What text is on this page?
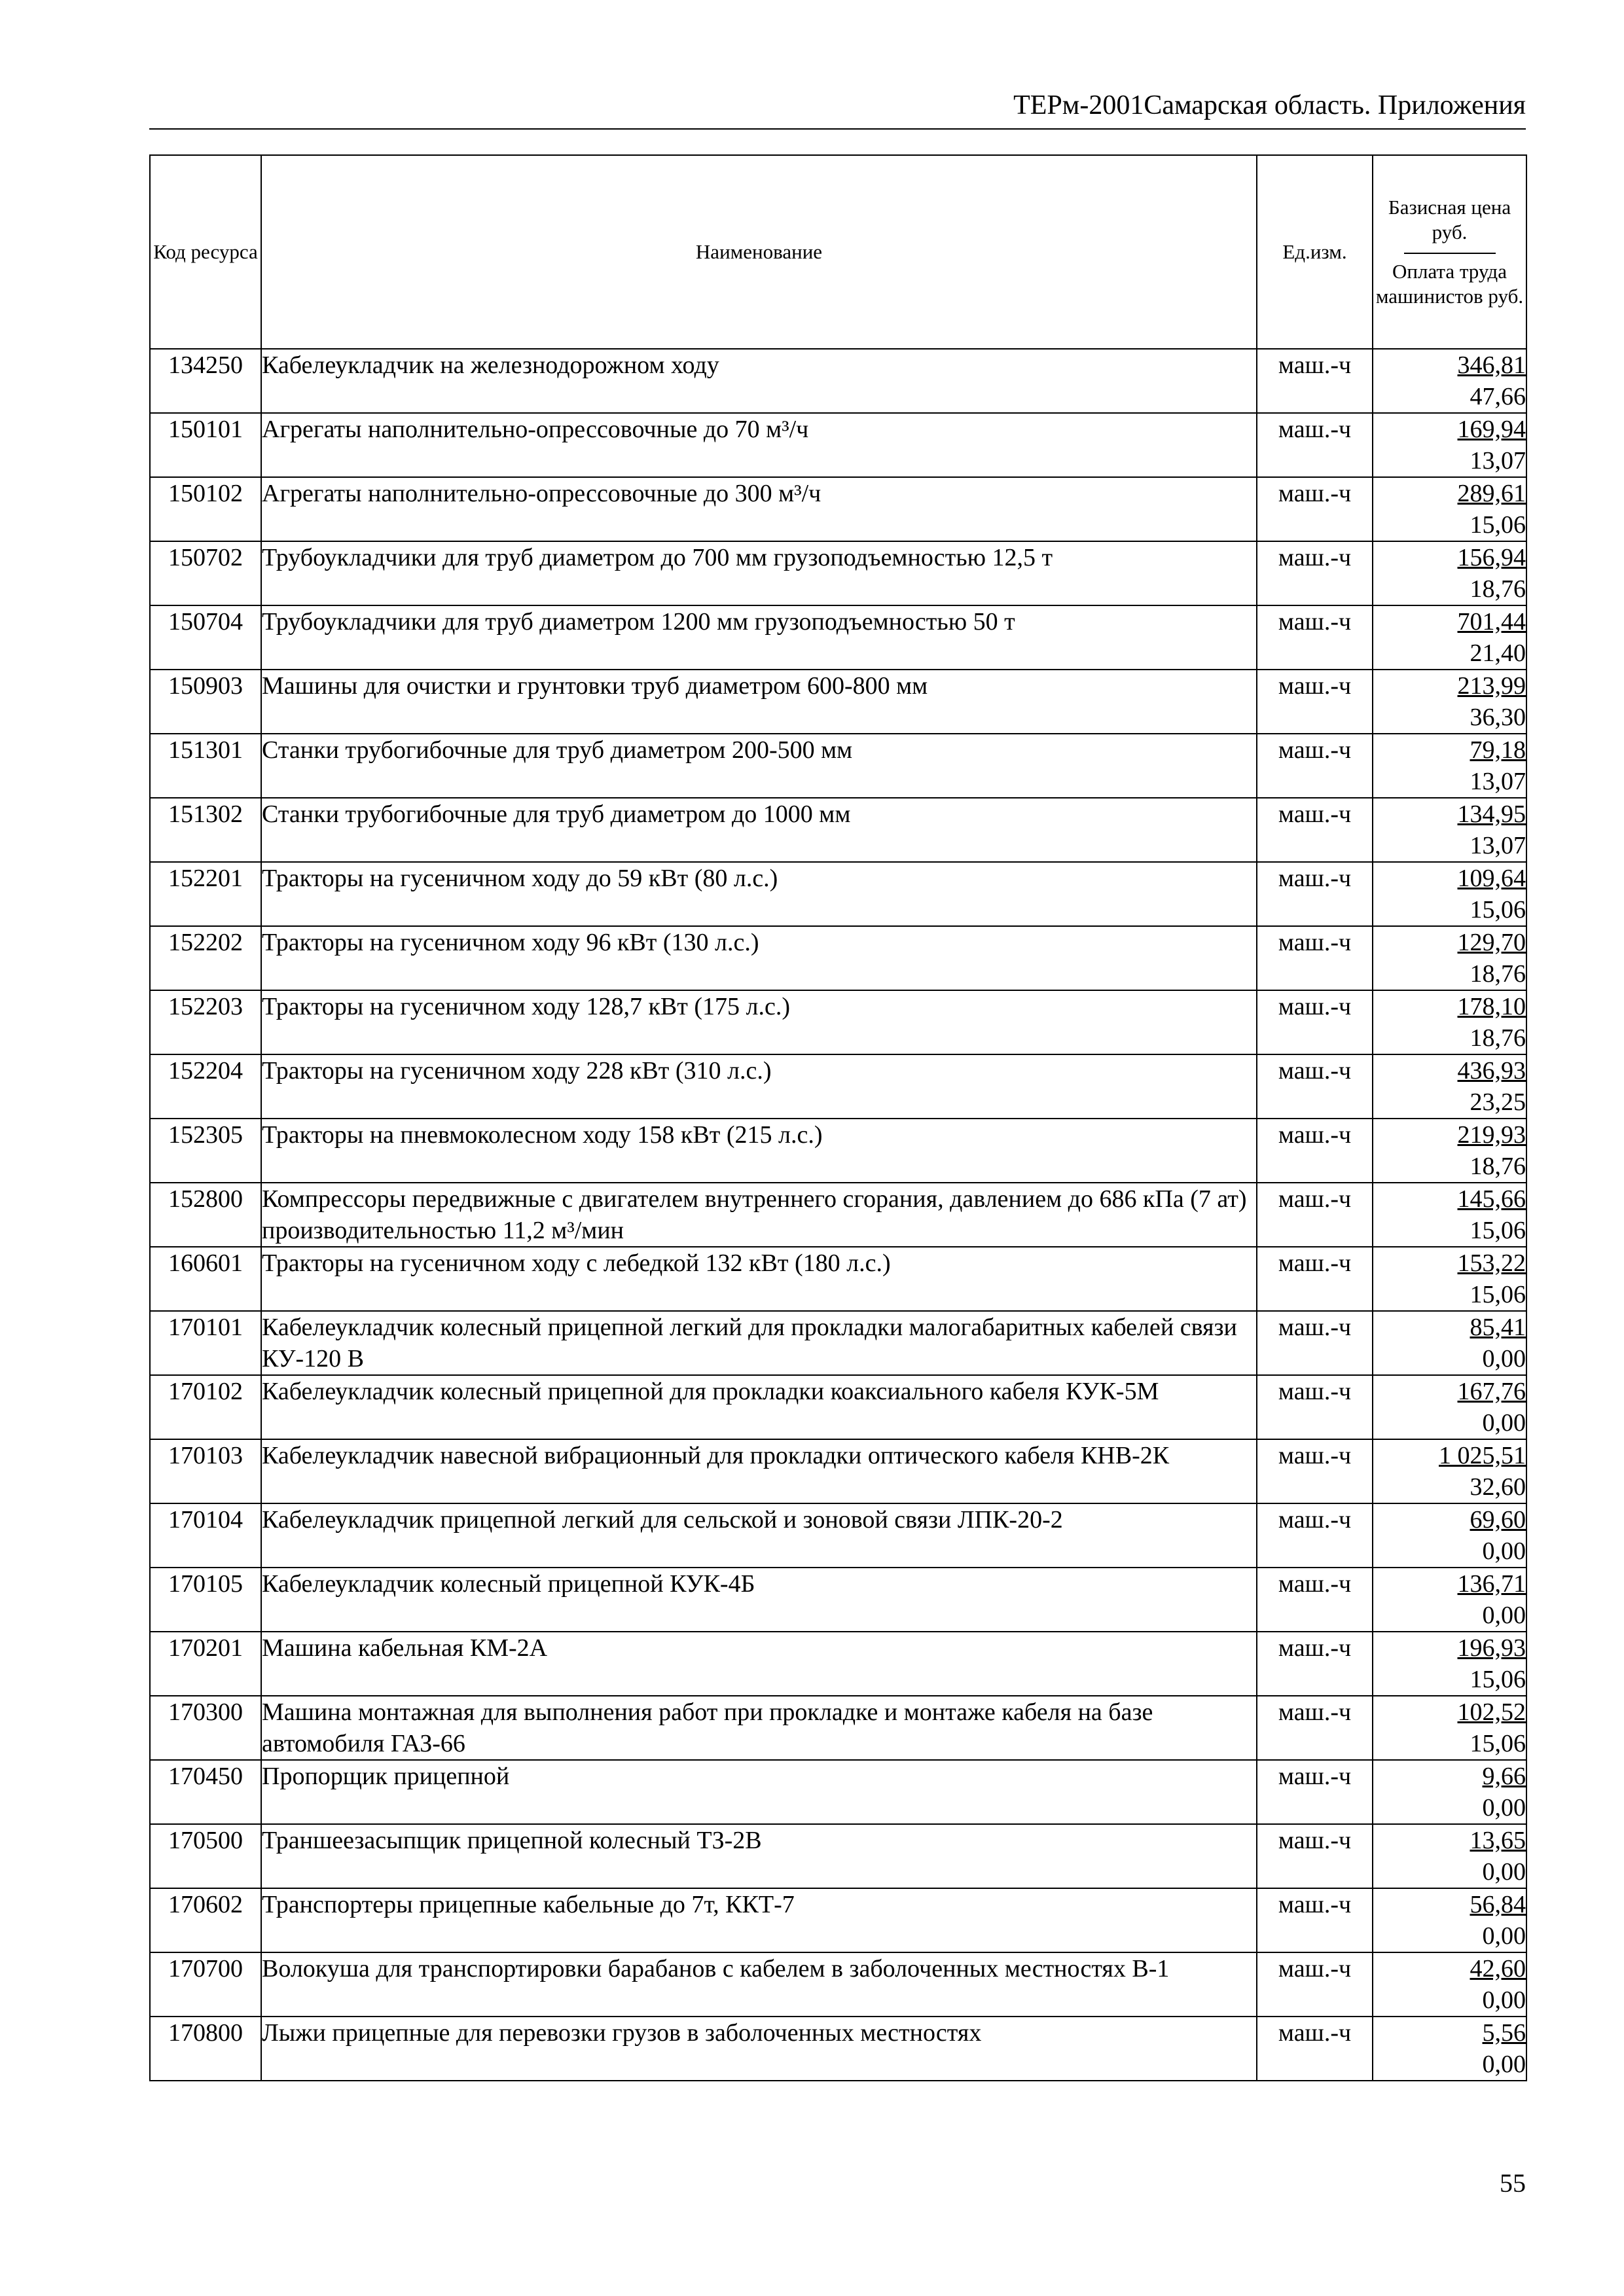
ТЕРм-2001Самарская область. Приложения
Код ресурса	Наименование	Ед.изм.	Базисная цена руб.
Оплата труда машинистов руб.

134250	Кабелеукладчик на железнодорожном ходу	маш.-ч	346,81
47,66

150101	Агрегаты наполнительно-опрессовочные до 70 м³/ч	маш.-ч	169,94
13,07

150102	Агрегаты наполнительно-опрессовочные до 300 м³/ч	маш.-ч	289,61
15,06

150702	Трубоукладчики для труб диаметром до 700 мм грузоподъемностью 12,5 т	маш.-ч	156,94
18,76

150704	Трубоукладчики для труб диаметром 1200 мм грузоподъемностью 50 т	маш.-ч	701,44
21,40

150903	Машины для очистки и грунтовки труб диаметром 600-800 мм	маш.-ч	213,99
36,30

151301	Станки трубогибочные для труб диаметром 200-500 мм	маш.-ч	79,18
13,07

151302	Станки трубогибочные для труб диаметром до 1000 мм	маш.-ч	134,95
13,07

152201	Тракторы на гусеничном ходу до 59 кВт (80 л.с.)	маш.-ч	109,64
15,06

152202	Тракторы на гусеничном ходу 96 кВт (130 л.с.)	маш.-ч	129,70
18,76

152203	Тракторы на гусеничном ходу 128,7 кВт (175 л.с.)	маш.-ч	178,10
18,76

152204	Тракторы на гусеничном ходу 228 кВт (310 л.с.)	маш.-ч	436,93
23,25

152305	Тракторы на пневмоколесном ходу 158 кВт (215 л.с.)	маш.-ч	219,93
18,76

152800	Компрессоры передвижные с двигателем внутреннего сгорания, давлением до 686 кПа (7 ат) производительностью 11,2 м³/мин	маш.-ч	145,66
15,06

160601	Тракторы на гусеничном ходу с лебедкой 132 кВт (180 л.с.)	маш.-ч	153,22
15,06

170101	Кабелеукладчик колесный прицепной легкий для прокладки малогабаритных кабелей связи КУ-120 В	маш.-ч	85,41
0,00

170102	Кабелеукладчик колесный прицепной для прокладки коаксиального кабеля КУК-5М	маш.-ч	167,76
0,00

170103	Кабелеукладчик навесной вибрационный для прокладки оптического кабеля КНВ-2К	маш.-ч	1 025,51
32,60

170104	Кабелеукладчик прицепной легкий для сельской и зоновой связи ЛПК-20-2	маш.-ч	69,60
0,00

170105	Кабелеукладчик колесный прицепной КУК-4Б	маш.-ч	136,71
0,00

170201	Машина кабельная КМ-2А	маш.-ч	196,93
15,06

170300	Машина монтажная для выполнения работ при прокладке и монтаже кабеля на базе автомобиля ГАЗ-66	маш.-ч	102,52
15,06

170450	Пропорщик прицепной	маш.-ч	9,66
0,00

170500	Траншеезасыпщик прицепной колесный ТЗ-2В	маш.-ч	13,65
0,00

170602	Транспортеры прицепные кабельные до 7т, ККТ-7	маш.-ч	56,84
0,00

170700	Волокуша для транспортировки барабанов с кабелем в заболоченных местностях В-1	маш.-ч	42,60
0,00

170800	Лыжи прицепные для перевозки грузов в заболоченных местностях	маш.-ч	5,56
0,00
55
